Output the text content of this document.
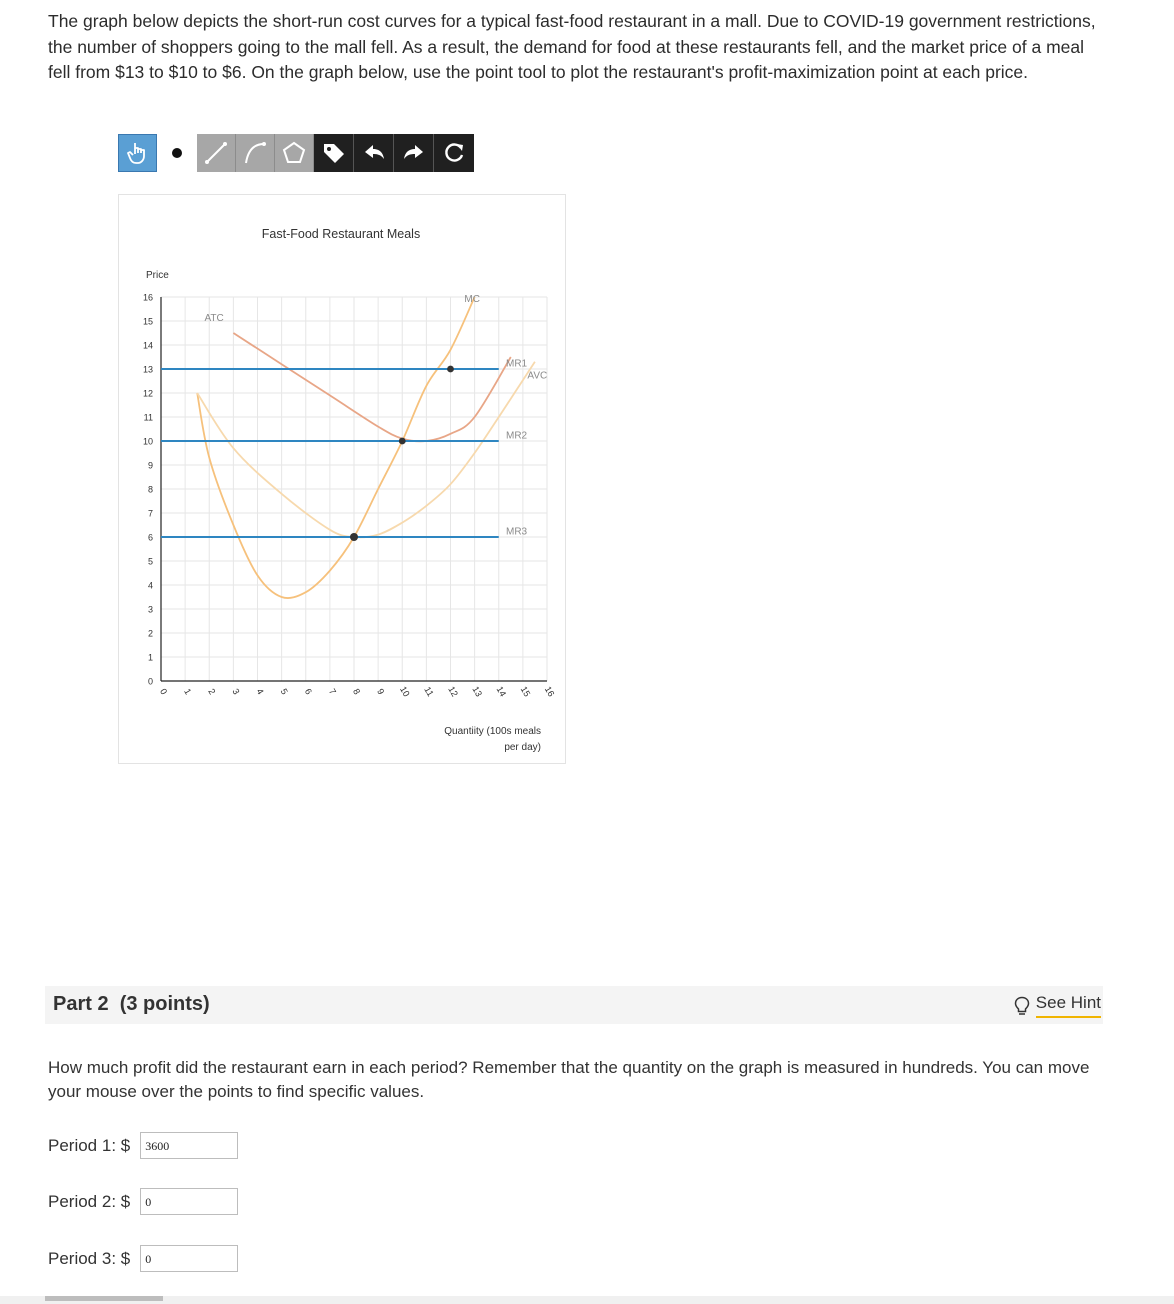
The graph below depicts the short-run cost curves for a typical fast-food restaurant in a mall. Due to COVID-19 government restrictions, the number of shoppers going to the mall fell. As a result, the demand for food at these restaurants fell, and the market price of a meal fell from $13 to $10 to $6. On the graph below, use the point tool to plot the restaurant's profit-maximization point at each price.

0
1
2
3
4
5
6
7
8
9
10
11
12
13
14
15
16
0 1 2 3 4 5 6 7 8 9 10 11 12 13 14 15 16
Fast-Food Restaurant Meals
Price
Quantiity (100s meals
per day)
MC
ATC
AVC
MR1
MR2
MR3
Part 2 (3 points)	See Hint

How much profit did the restaurant earn in each period? Remember that the quantity on the graph is measured in hundreds. You can move your mouse over the points to find specific values.

Period 1: $	3600
Period 2: $	0
Period 3: $	0
